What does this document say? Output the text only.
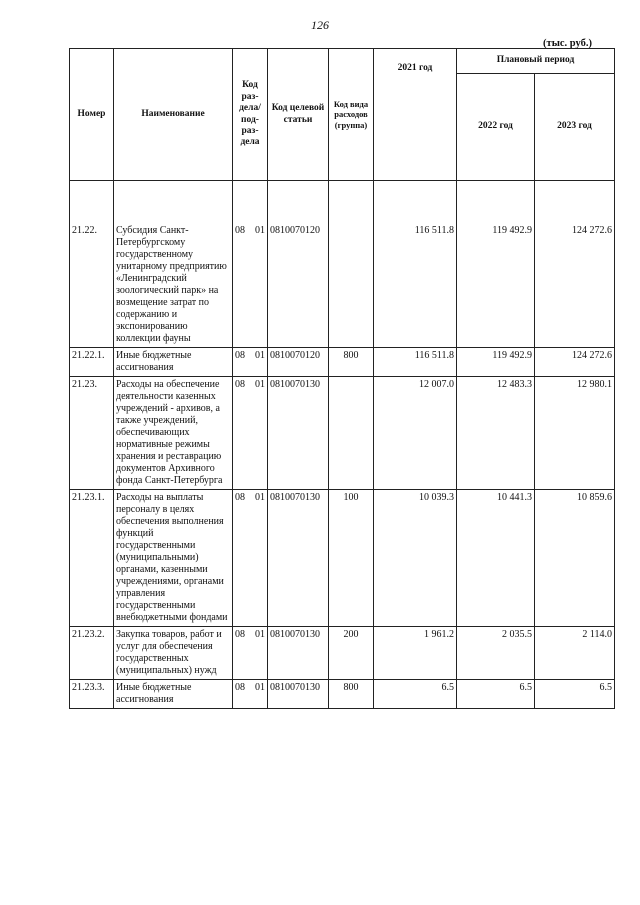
126
(тыс. руб.)
Номер	Наименование	Код раз- дела/ под- раз- дела	Код целевой статьи	Код вида расходов (группа)	2021 год	Плановый период	
						2022 год	2023 год

21.22.	Субсидия Санкт-Петербургскому государственному унитарному предприятию «Ленинградский зоологический парк» на возмещение затрат по содержанию и экспонированию коллекции фауны	08 01	0810070120		116 511.8	119 492.9	124 272.6
21.22.1.	Иные бюджетные ассигнования	08 01	0810070120	800	116 511.8	119 492.9	124 272.6
21.23.	Расходы на обеспечение деятельности казенных учреждений - архивов, а также учреждений, обеспечивающих нормативные режимы хранения и реставрацию документов Архивного фонда Санкт-Петербурга	08 01	0810070130		12 007.0	12 483.3	12 980.1
21.23.1.	Расходы на выплаты персоналу в целях обеспечения выполнения функций государственными (муниципальными) органами, казенными учреждениями, органами управления государственными внебюджетными фондами	08 01	0810070130	100	10 039.3	10 441.3	10 859.6
21.23.2.	Закупка товаров, работ и услуг для обеспечения государственных (муниципальных) нужд	08 01	0810070130	200	1 961.2	2 035.5	2 114.0
21.23.3.	Иные бюджетные ассигнования	08 01	0810070130	800	6.5	6.5	6.5
